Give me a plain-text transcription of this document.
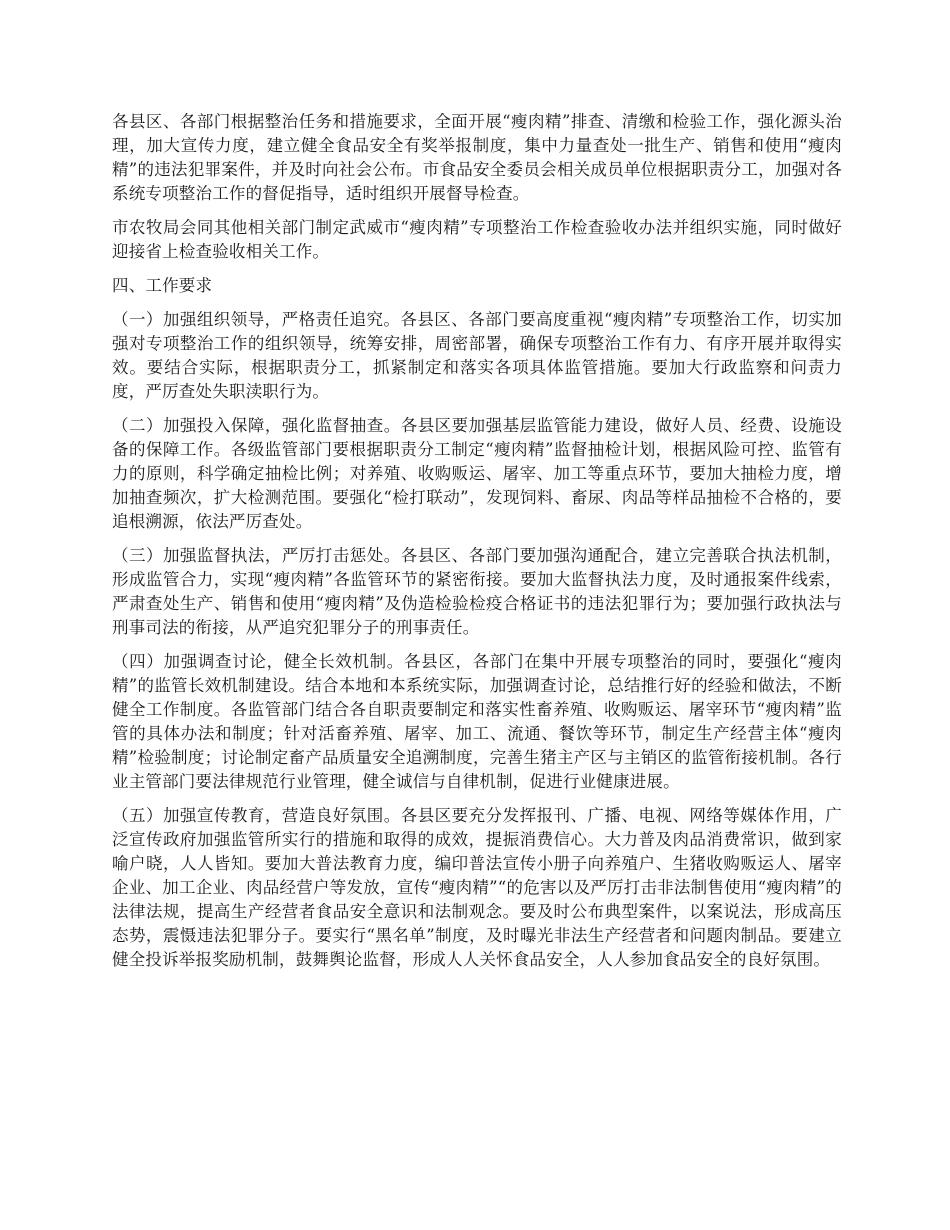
各县区、各部门根据整治任务和措施要求，全面开展“瘦肉精”排查、清缴和检验工作，强化源头治理，加大宣传力度，建立健全食品安全有奖举报制度，集中力量查处一批生产、销售和使用“瘦肉精”的违法犯罪案件，并及时向社会公布。市食品安全委员会相关成员单位根据职责分工，加强对各系统专项整治工作的督促指导，适时组织开展督导检查。

市农牧局会同其他相关部门制定武威市“瘦肉精”专项整治工作检查验收办法并组织实施，同时做好迎接省上检查验收相关工作。

四、工作要求

（一）加强组织领导，严格责任追究。各县区、各部门要高度重视“瘦肉精”专项整治工作，切实加强对专项整治工作的组织领导，统筹安排，周密部署，确保专项整治工作有力、有序开展并取得实效。要结合实际，根据职责分工，抓紧制定和落实各项具体监管措施。要加大行政监察和问责力度，严厉查处失职渎职行为。

（二）加强投入保障，强化监督抽查。各县区要加强基层监管能力建设，做好人员、经费、设施设备的保障工作。各级监管部门要根据职责分工制定“瘦肉精”监督抽检计划，根据风险可控、监管有力的原则，科学确定抽检比例；对养殖、收购贩运、屠宰、加工等重点环节，要加大抽检力度，增加抽查频次，扩大检测范围。要强化“检打联动”，发现饲料、畜尿、肉品等样品抽检不合格的，要追根溯源，依法严厉查处。

（三）加强监督执法，严厉打击惩处。各县区、各部门要加强沟通配合，建立完善联合执法机制，形成监管合力，实现“瘦肉精”各监管环节的紧密衔接。要加大监督执法力度，及时通报案件线索，严肃查处生产、销售和使用“瘦肉精”及伪造检验检疫合格证书的违法犯罪行为；要加强行政执法与刑事司法的衔接，从严追究犯罪分子的刑事责任。

（四）加强调查讨论，健全长效机制。各县区，各部门在集中开展专项整治的同时，要强化“瘦肉精”的监管长效机制建设。结合本地和本系统实际，加强调查讨论，总结推行好的经验和做法，不断健全工作制度。各监管部门结合各自职责要制定和落实性畜养殖、收购贩运、屠宰环节“瘦肉精”监管的具体办法和制度；针对活畜养殖、屠宰、加工、流通、餐饮等环节，制定生产经营主体“瘦肉精”检验制度；讨论制定畜产品质量安全追溯制度，完善生猪主产区与主销区的监管衔接机制。各行业主管部门要法律规范行业管理，健全诚信与自律机制，促进行业健康进展。

（五）加强宣传教育，营造良好氛围。各县区要充分发挥报刊、广播、电视、网络等媒体作用，广泛宣传政府加强监管所实行的措施和取得的成效，提振消费信心。大力普及肉品消费常识，做到家喻户晓，人人皆知。要加大普法教育力度，编印普法宣传小册子向养殖户、生猪收购贩运人、屠宰企业、加工企业、肉品经营户等发放，宣传“瘦肉精”“的危害以及严厉打击非法制售使用“瘦肉精”的法律法规，提高生产经营者食品安全意识和法制观念。要及时公布典型案件，以案说法，形成高压态势，震慑违法犯罪分子。要实行“黑名单”制度，及时曝光非法生产经营者和问题肉制品。要建立健全投诉举报奖励机制，鼓舞舆论监督，形成人人关怀食品安全，人人参加食品安全的良好氛围。
